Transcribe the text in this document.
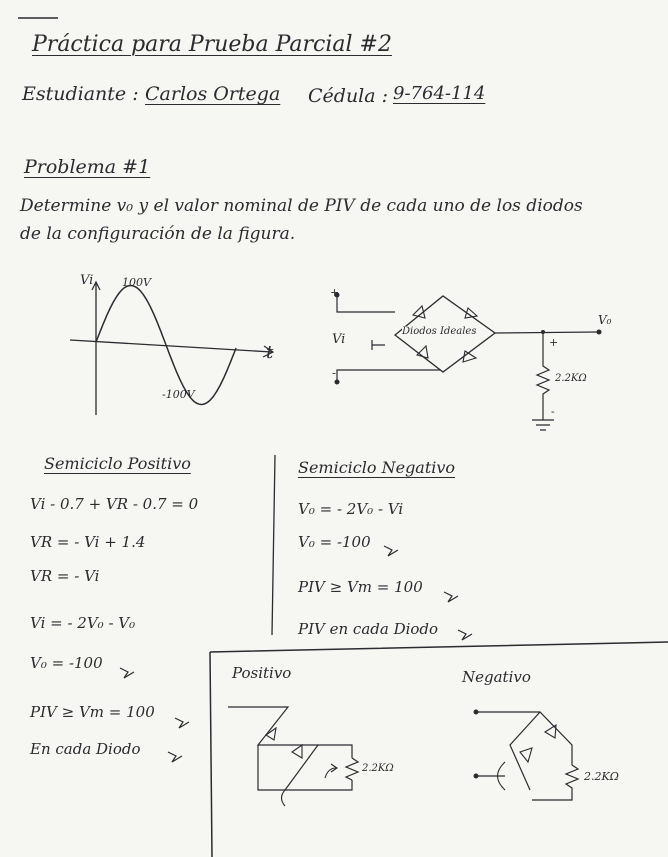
Práctica para Prueba Parcial #2
Estudiante : Carlos Ortega Cédula : 9-764-114
Problema #1
Determine v₀ y el valor nominal de PIV de cada uno de los diodos
de la configuración de la figura.
Vi	100V
-100V
t
+
Vi
-
Diodos Ideales
V₀
+
2.2KΩ
-
Semiciclo Positivo
Vi - 0.7 + VR - 0.7 = 0
VR = - Vi + 1.4
VR = - Vi
Vi = - 2V₀ - V₀
V₀ = -100
PIV ≥ Vm = 100
En cada Diodo
Semiciclo Negativo
V₀ = - 2V₀ - Vi
V₀ = -100
PIV ≥ Vm = 100
PIV en cada Diodo
Positivo	Negativo
2.2KΩ
2.2KΩ
